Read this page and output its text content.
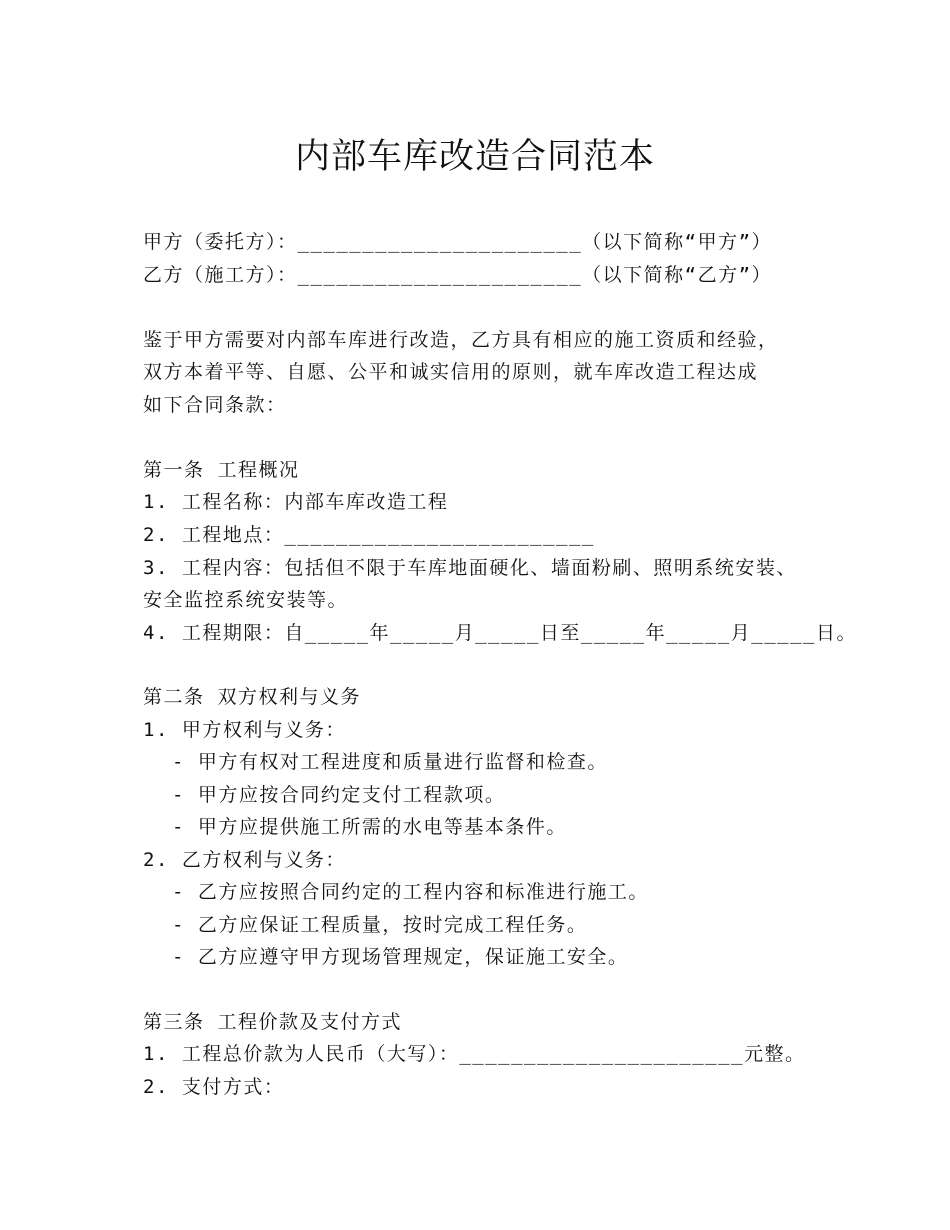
内部车库改造合同范本
甲方（委托方）：______________________（以下简称“甲方”）
乙方（施工方）：______________________（以下简称“乙方”）
鉴于甲方需要对内部车库进行改造，乙方具有相应的施工资质和经验，
双方本着平等、自愿、公平和诚实信用的原则，就车库改造工程达成
如下合同条款：
第一条 工程概况
1. 工程名称：内部车库改造工程
2. 工程地点：________________________
3. 工程内容：包括但不限于车库地面硬化、墙面粉刷、照明系统安装、
安全监控系统安装等。
4. 工程期限：自_____年_____月_____日至_____年_____月_____日。
第二条 双方权利与义务
1. 甲方权利与义务：
- 甲方有权对工程进度和质量进行监督和检查。
- 甲方应按合同约定支付工程款项。
- 甲方应提供施工所需的水电等基本条件。
2. 乙方权利与义务：
- 乙方应按照合同约定的工程内容和标准进行施工。
- 乙方应保证工程质量，按时完成工程任务。
- 乙方应遵守甲方现场管理规定，保证施工安全。
第三条 工程价款及支付方式
1. 工程总价款为人民币（大写）：______________________元整。
2. 支付方式：
